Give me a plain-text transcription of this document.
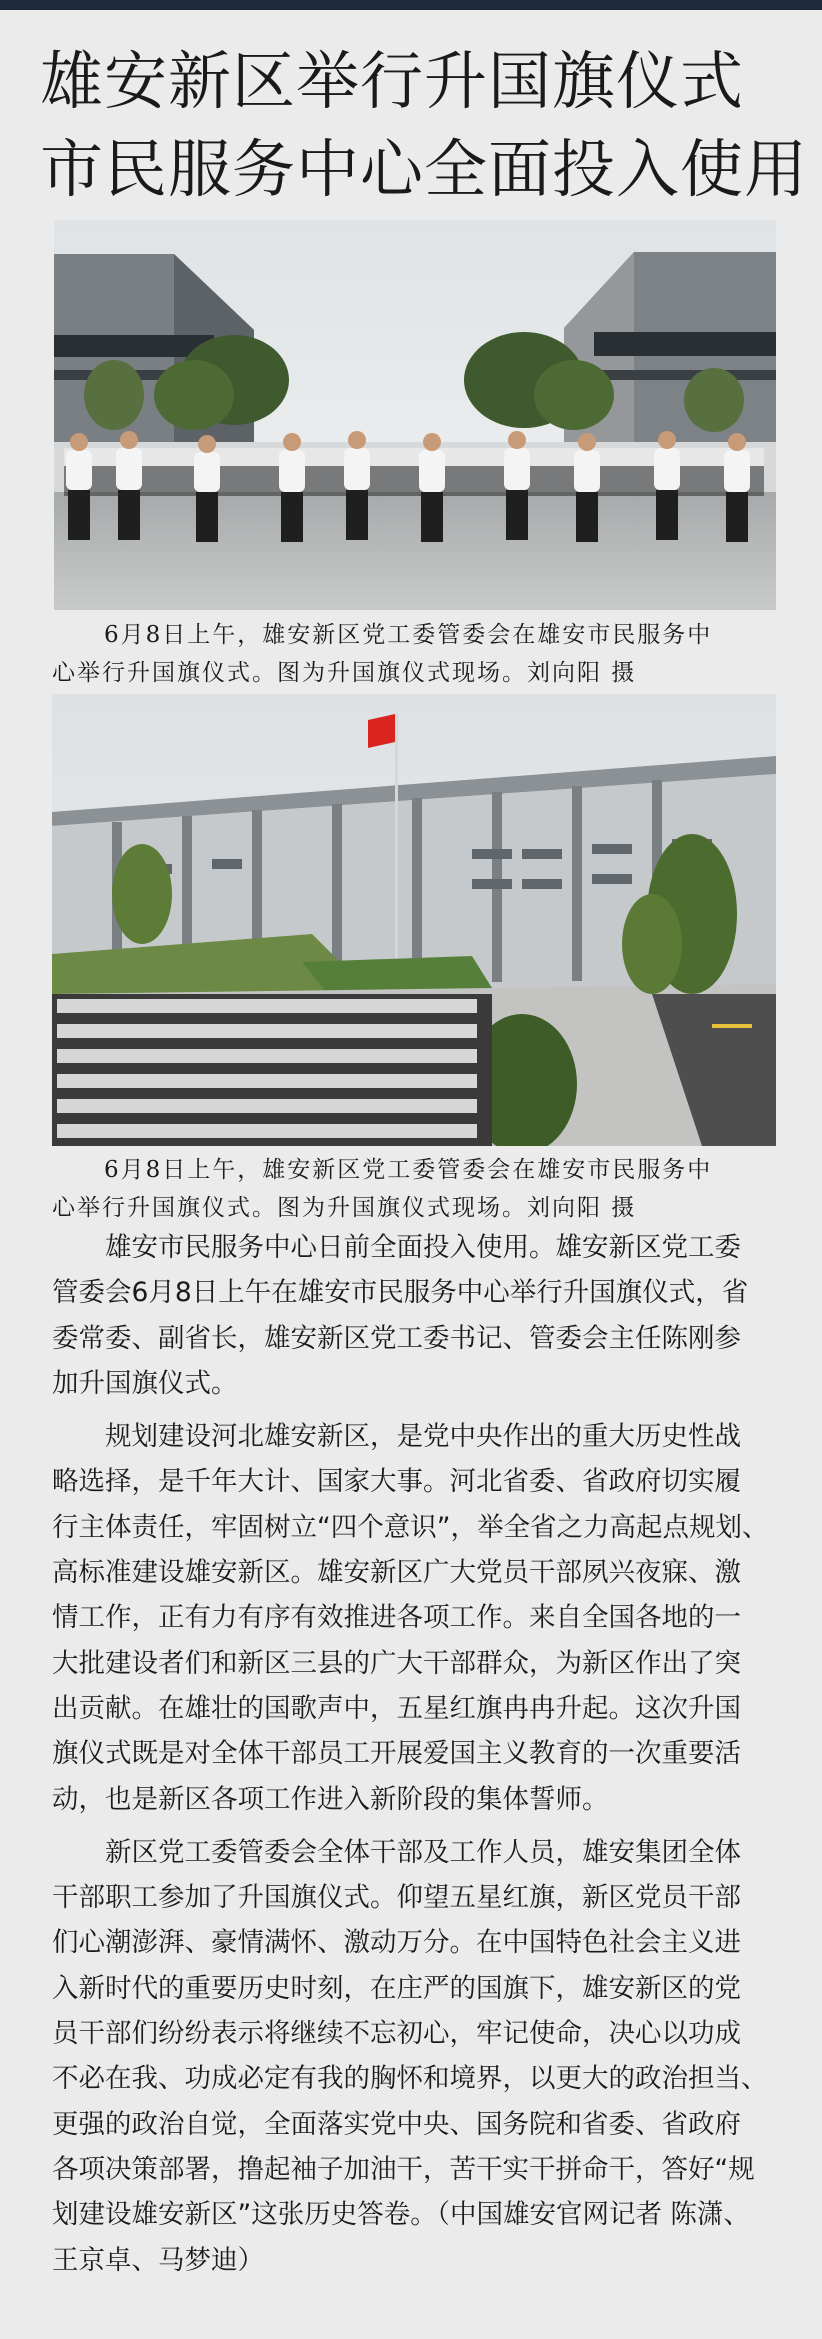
雄安新区举行升国旗仪式
市民服务中心全面投入使用
6月8日上午，雄安新区党工委管委会在雄安市民服务中
心举行升国旗仪式。图为升国旗仪式现场。刘向阳 摄
6月8日上午，雄安新区党工委管委会在雄安市民服务中
心举行升国旗仪式。图为升国旗仪式现场。刘向阳 摄

雄安市民服务中心日前全面投入使用。雄安新区党工委
管委会6月8日上午在雄安市民服务中心举行升国旗仪式，省
委常委、副省长，雄安新区党工委书记、管委会主任陈刚参
加升国旗仪式。

规划建设河北雄安新区，是党中央作出的重大历史性战
略选择，是千年大计、国家大事。河北省委、省政府切实履
行主体责任，牢固树立“四个意识”，举全省之力高起点规划、
高标准建设雄安新区。雄安新区广大党员干部夙兴夜寐、激
情工作，正有力有序有效推进各项工作。来自全国各地的一
大批建设者们和新区三县的广大干部群众，为新区作出了突
出贡献。在雄壮的国歌声中，五星红旗冉冉升起。这次升国
旗仪式既是对全体干部员工开展爱国主义教育的一次重要活
动，也是新区各项工作进入新阶段的集体誓师。

新区党工委管委会全体干部及工作人员，雄安集团全体
干部职工参加了升国旗仪式。仰望五星红旗，新区党员干部
们心潮澎湃、豪情满怀、激动万分。在中国特色社会主义进
入新时代的重要历史时刻，在庄严的国旗下，雄安新区的党
员干部们纷纷表示将继续不忘初心，牢记使命，决心以功成
不必在我、功成必定有我的胸怀和境界，以更大的政治担当、
更强的政治自觉，全面落实党中央、国务院和省委、省政府
各项决策部署，撸起袖子加油干，苦干实干拼命干，答好“规
划建设雄安新区”这张历史答卷。（中国雄安官网记者 陈潇、
王京卓、马梦迪）
